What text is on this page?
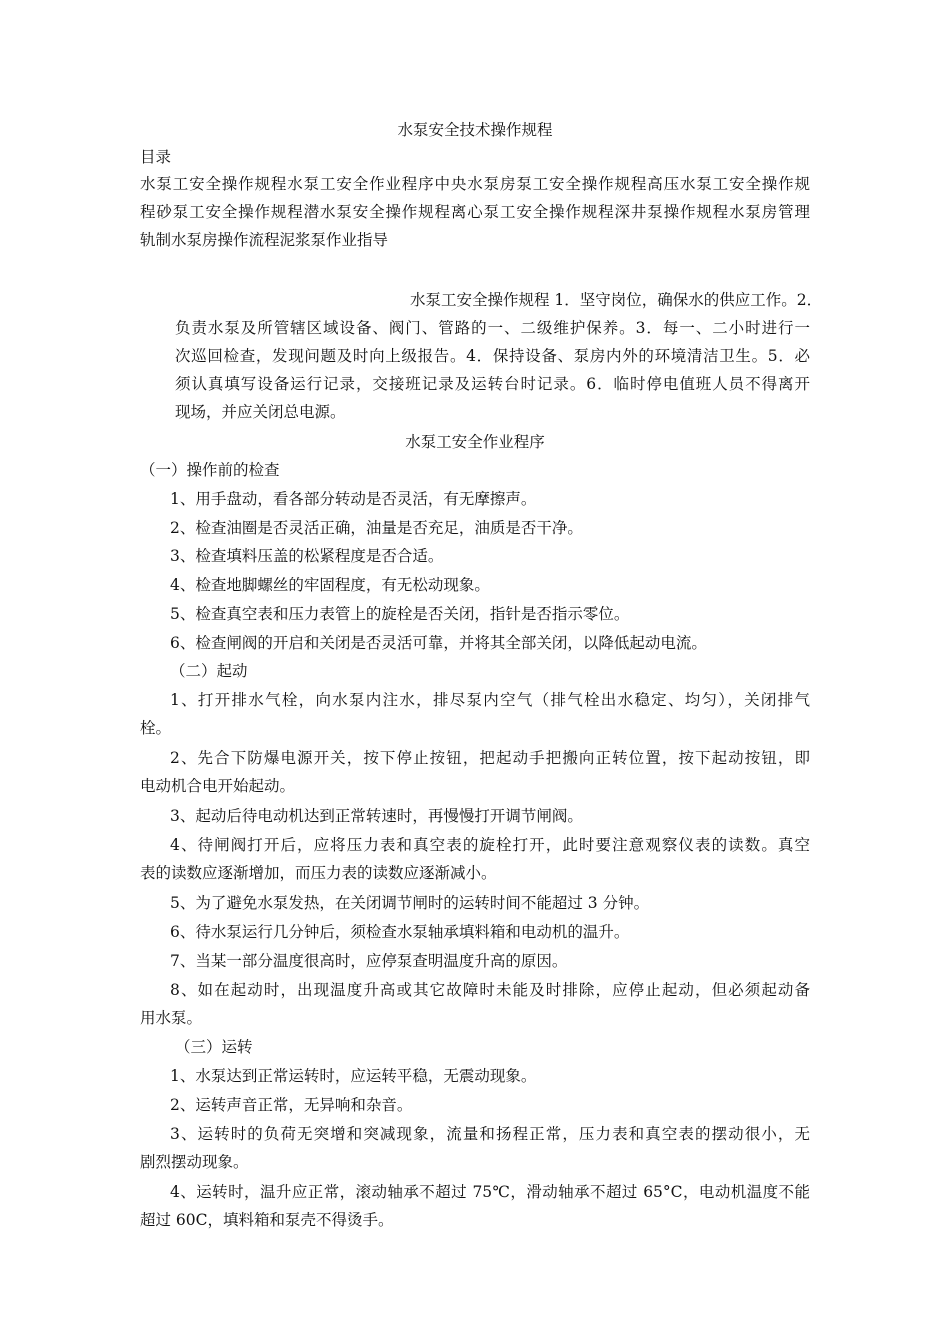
水泵安全技术操作规程
目录
水泵工安全操作规程水泵工安全作业程序中央水泵房泵工安全操作规程高压水泵工安全操作规
程砂泵工安全操作规程潜水泵安全操作规程离心泵工安全操作规程深井泵操作规程水泵房管理
轨制水泵房操作流程泥浆泵作业指导
水泵工安全操作规程 1．坚守岗位，确保水的供应工作。2．
负责水泵及所管辖区域设备、阀门、管路的一、二级维护保养。3．每一、二小时进行一
次巡回检查，发现问题及时向上级报告。4．保持设备、泵房内外的环境清洁卫生。5．必
须认真填写设备运行记录，交接班记录及运转台时记录。6．临时停电值班人员不得离开
现场，并应关闭总电源。
水泵工安全作业程序
（一）操作前的检查
1、用手盘动，看各部分转动是否灵活，有无摩擦声。
2、检查油圈是否灵活正确，油量是否充足，油质是否干净。
3、检查填料压盖的松紧程度是否合适。
4、检查地脚螺丝的牢固程度，有无松动现象。
5、检查真空表和压力表管上的旋栓是否关闭，指针是否指示零位。
6、检查闸阀的开启和关闭是否灵活可靠，并将其全部关闭，以降低起动电流。
（二）起动
1、打开排水气栓，向水泵内注水，排尽泵内空气（排气栓出水稳定、均匀），关闭排气
栓。
2、先合下防爆电源开关，按下停止按钮，把起动手把搬向正转位置，按下起动按钮，即
电动机合电开始起动。
3、起动后待电动机达到正常转速时，再慢慢打开调节闸阀。
4、待闸阀打开后，应将压力表和真空表的旋栓打开，此时要注意观察仪表的读数。真空
表的读数应逐渐增加，而压力表的读数应逐渐减小。
5、为了避免水泵发热，在关闭调节闸时的运转时间不能超过 3 分钟。
6、待水泵运行几分钟后，须检查水泵轴承填料箱和电动机的温升。
7、当某一部分温度很高时，应停泵查明温度升高的原因。
8、如在起动时，出现温度升高或其它故障时未能及时排除，应停止起动，但必须起动备
用水泵。
（三）运转
1、水泵达到正常运转时，应运转平稳，无震动现象。
2、运转声音正常，无异响和杂音。
3、运转时的负荷无突增和突减现象，流量和扬程正常，压力表和真空表的摆动很小，无
剧烈摆动现象。
4、运转时，温升应正常，滚动轴承不超过 75℃，滑动轴承不超过 65°C，电动机温度不能
超过 60C，填料箱和泵壳不得烫手。
